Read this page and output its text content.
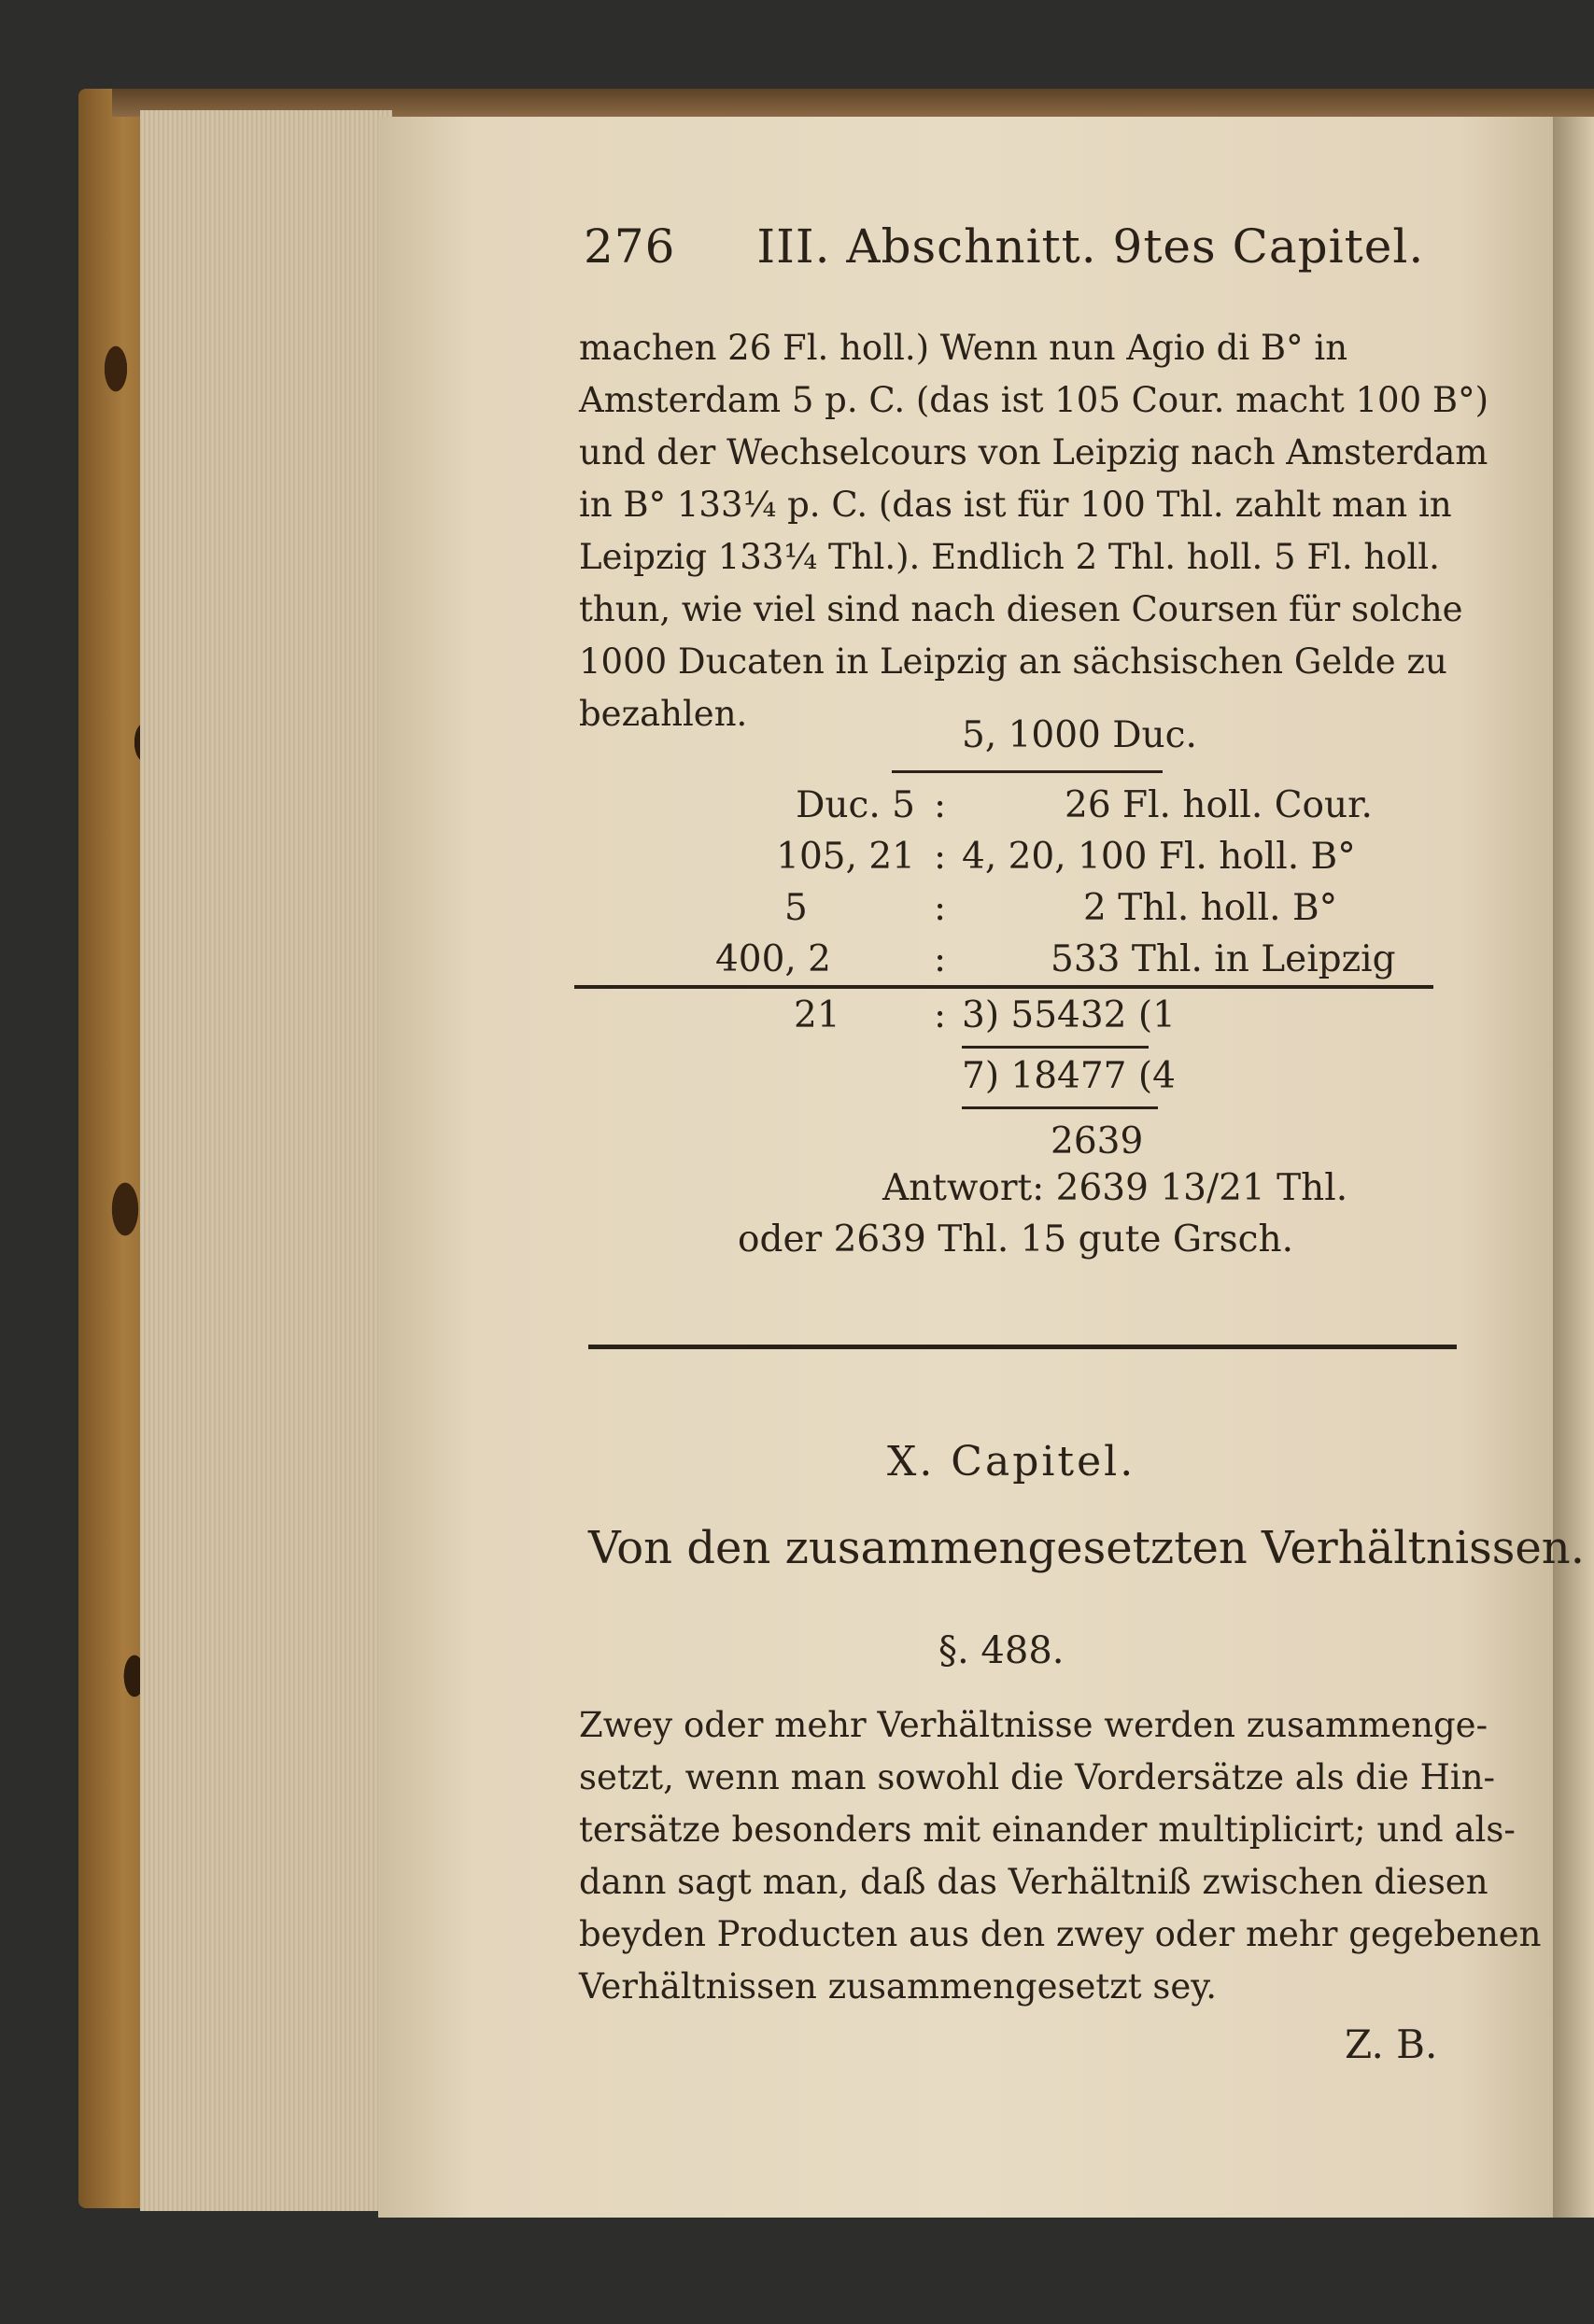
276 III. Abschnitt. 9tes Capitel.
machen 26 Fl. holl.) Wenn nun Agio di B° in
Amsterdam 5 p. C. (das ist 105 Cour. macht 100 B°)
und der Wechselcours von Leipzig nach Amsterdam
in B° 133¼ p. C. (das ist für 100 Thl. zahlt man in
Leipzig 133¼ Thl.). Endlich 2 Thl. holl. 5 Fl. holl.
thun, wie viel sind nach diesen Coursen für solche
1000 Ducaten in Leipzig an sächsischen Gelde zu
bezahlen.
5, 1000 Duc.
Duc. 5 :	26 Fl. holl. Cour.
105, 21 : 4, 20, 100 Fl. holl. B°
5	:	2 Thl. holl. B°
400, 2	:	533 Thl. in Leipzig
21	: 3) 55432 (1
7) 18477 (4
2639
Antwort: 2639 13/21 Thl.
oder 2639 Thl. 15 gute Grsch.
X. Capitel.
Von den zusammengesetzten Verhältnissen.
§. 488.
Zwey oder mehr Verhältnisse werden zusammenge-
setzt, wenn man sowohl die Vordersätze als die Hin-
tersätze besonders mit einander multiplicirt; und als-
dann sagt man, daß das Verhältniß zwischen diesen
beyden Producten aus den zwey oder mehr gegebenen
Verhältnissen zusammengesetzt sey.
Z. B.
